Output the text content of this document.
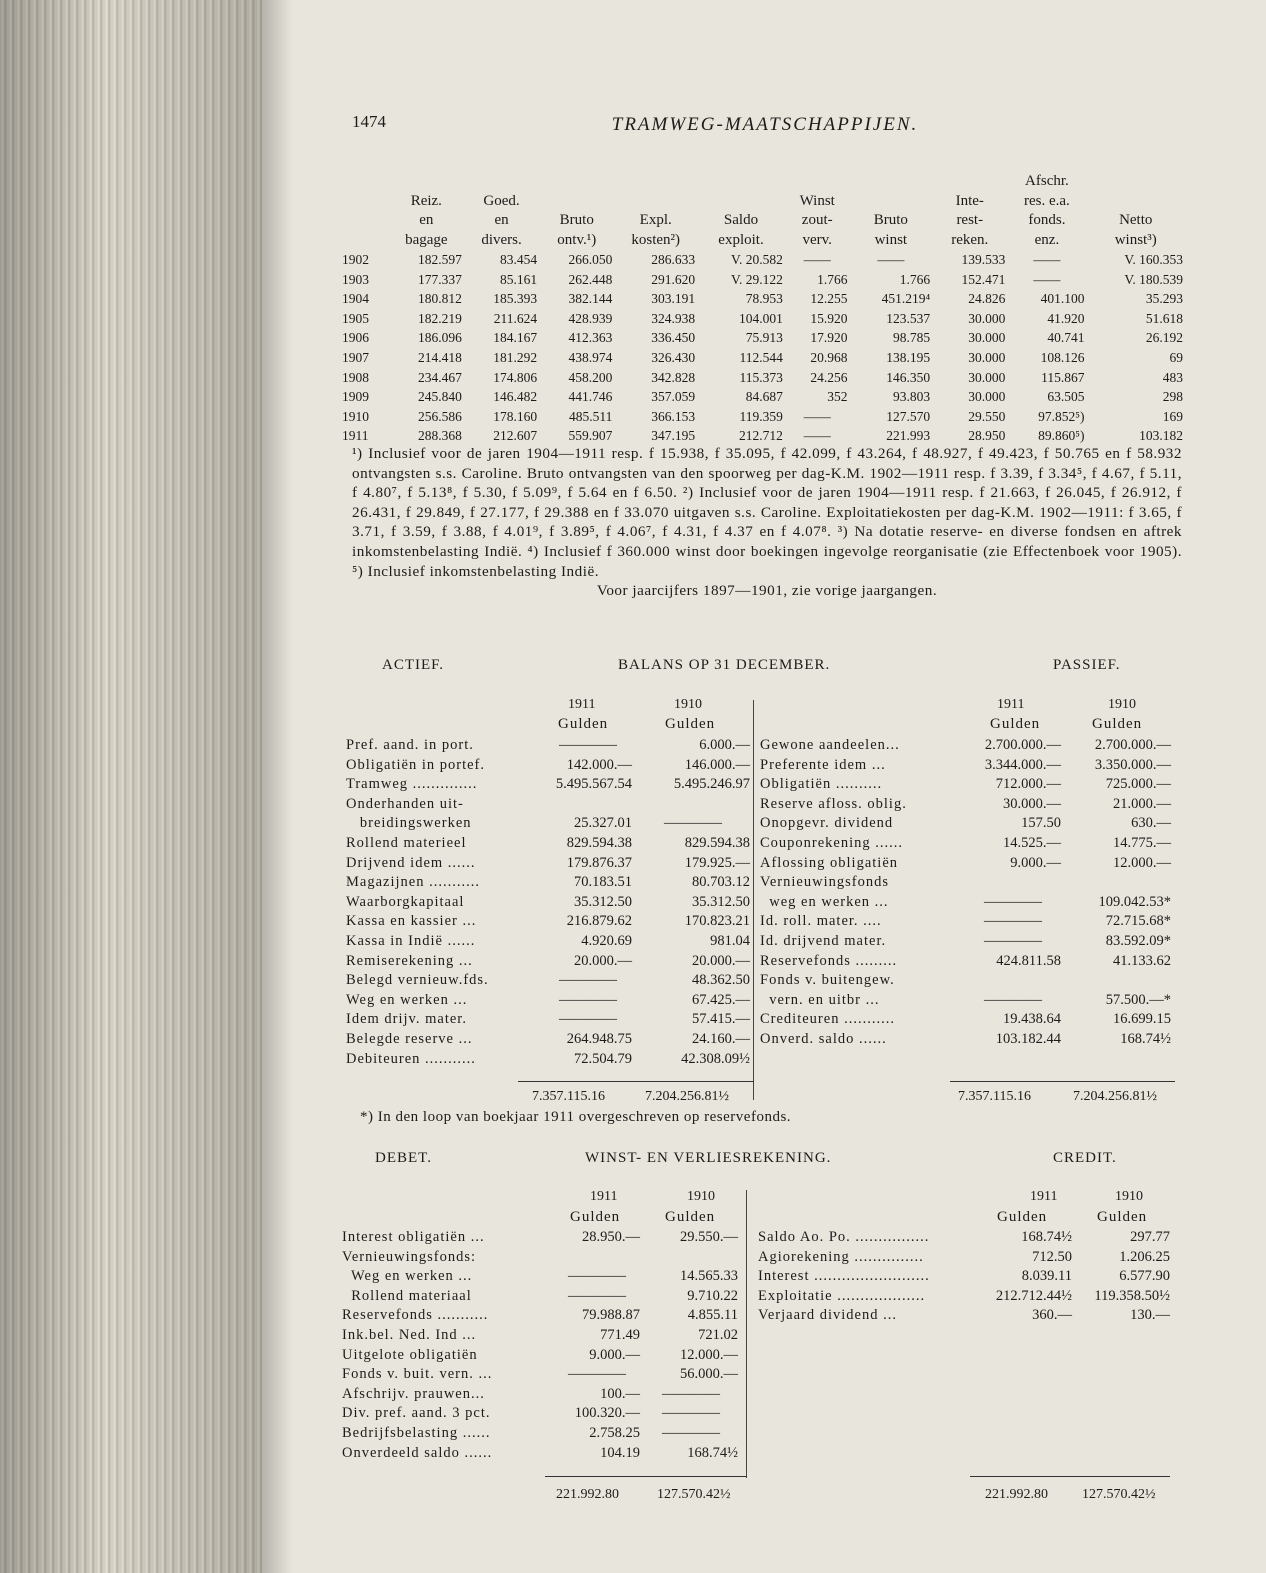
1474	TRAMWEG-MAATSCHAPPIJEN.
	Reiz.
en
bagage	Goed.
en
divers.	Bruto
ontv.¹)	Expl.
kosten²)	Saldo
exploit.	Winst
zout-
verv.	Bruto
winst	Inte-
rest-
reken.	Afschr.
res. e.a.
fonds.
enz.	Netto
winst³)
1902	182.597	83.454	266.050	286.633	V. 20.582	——	——	139.533	——	V. 160.353
1903	177.337	85.161	262.448	291.620	V. 29.122	1.766	1.766	152.471	——	V. 180.539
1904	180.812	185.393	382.144	303.191	78.953	12.255	451.219⁴	24.826	401.100	35.293
1905	182.219	211.624	428.939	324.938	104.001	15.920	123.537	30.000	41.920	51.618
1906	186.096	184.167	412.363	336.450	75.913	17.920	98.785	30.000	40.741	26.192
1907	214.418	181.292	438.974	326.430	112.544	20.968	138.195	30.000	108.126	69
1908	234.467	174.806	458.200	342.828	115.373	24.256	146.350	30.000	115.867	483
1909	245.840	146.482	441.746	357.059	84.687	352	93.803	30.000	63.505	298
1910	256.586	178.160	485.511	366.153	119.359	——	127.570	29.550	97.852⁵)	169
1911	288.368	212.607	559.907	347.195	212.712	——	221.993	28.950	89.860⁵)	103.182
¹) Inclusief voor de jaren 1904—1911 resp. f 15.938, f 35.095, f 42.099, f 43.264, f 48.927, f 49.423, f 50.765 en f 58.932 ontvangsten s.s. Caroline. Bruto ontvangsten van den spoorweg per dag-K.M. 1902—1911 resp. f 3.39, f 3.34⁵, f 4.67, f 5.11, f 4.80⁷, f 5.13⁸, f 5.30, f 5.09⁹, f 5.64 en f 6.50. ²) Inclusief voor de jaren 1904—1911 resp. f 21.663, f 26.045, f 26.912, f 26.431, f 29.849, f 27.177, f 29.388 en f 33.070 uitgaven s.s. Caroline. Exploitatiekosten per dag-K.M. 1902—1911: f 3.65, f 3.71, f 3.59, f 3.88, f 4.01⁹, f 3.89⁵, f 4.06⁷, f 4.31, f 4.37 en f 4.07⁸. ³) Na dotatie reserve- en diverse fondsen en aftrek inkomstenbelasting Indië. ⁴) Inclusief f 360.000 winst door boekingen ingevolge reorganisatie (zie Effectenboek voor 1905). ⁵) Inclusief inkomstenbelasting Indië.
Voor jaarcijfers 1897—1901, zie vorige jaargangen.
ACTIEF.	BALANS OP 31 DECEMBER.	PASSIEF.
1911	1910
Gulden	Gulden
1911	1910
Gulden	Gulden
Pref. aand. in port.	————	6.000.—
Obligatiën in portef.	142.000.—	146.000.—
Tramweg ..............	5.495.567.54	5.495.246.97
Onderhanden uit-		
breidingswerken	25.327.01	————
Rollend materieel	829.594.38	829.594.38
Drijvend idem ......	179.876.37	179.925.—
Magazijnen ...........	70.183.51	80.703.12
Waarborgkapitaal	35.312.50	35.312.50
Kassa en kassier ...	216.879.62	170.823.21
Kassa in Indië ......	4.920.69	981.04
Remiserekening ...	20.000.—	20.000.—
Belegd vernieuw.fds.	————	48.362.50
Weg en werken ...	————	67.425.—
Idem drijv. mater.	————	57.415.—
Belegde reserve ...	264.948.75	24.160.—
Debiteuren ...........	72.504.79	42.308.09½
Gewone aandeelen...	2.700.000.—	2.700.000.—
Preferente idem ...	3.344.000.—	3.350.000.—
Obligatiën ..........	712.000.—	725.000.—
Reserve afloss. oblig.	30.000.—	21.000.—
Onopgevr. dividend	157.50	630.—
Couponrekening ......	14.525.—	14.775.—
Aflossing obligatiën	9.000.—	12.000.—
Vernieuwingsfonds		
weg en werken ...	————	109.042.53*
Id. roll. mater. ....	————	72.715.68*
Id. drijvend mater.	————	83.592.09*
Reservefonds .........	424.811.58	41.133.62
Fonds v. buitengew.		
vern. en uitbr ...	————	57.500.—*
Crediteuren ...........	19.438.64	16.699.15
Onverd. saldo ......	103.182.44	168.74½
7.357.115.16	7.204.256.81½	7.357.115.16	7.204.256.81½
*) In den loop van boekjaar 1911 overgeschreven op reservefonds.
DEBET.	WINST- EN VERLIESREKENING.	CREDIT.
1911	1910
Gulden	Gulden
1911	1910
Gulden	Gulden
Interest obligatiën ...	28.950.—	29.550.—
Vernieuwingsfonds:		
Weg en werken ...	————	14.565.33
Rollend materiaal	————	9.710.22
Reservefonds ...........	79.988.87	4.855.11
Ink.bel. Ned. Ind ...	771.49	721.02
Uitgelote obligatiën	9.000.—	12.000.—
Fonds v. buit. vern. ...	————	56.000.—
Afschrijv. prauwen...	100.—	————
Div. pref. aand. 3 pct.	100.320.—	————
Bedrijfsbelasting ......	2.758.25	————
Onverdeeld saldo ......	104.19	168.74½
Saldo Ao. Po. ................	168.74½	297.77
Agiorekening ...............	712.50	1.206.25
Interest .........................	8.039.11	6.577.90
Exploitatie ...................	212.712.44½	119.358.50½
Verjaard dividend ...	360.—	130.—
221.992.80	127.570.42½	221.992.80 127.570.42½
